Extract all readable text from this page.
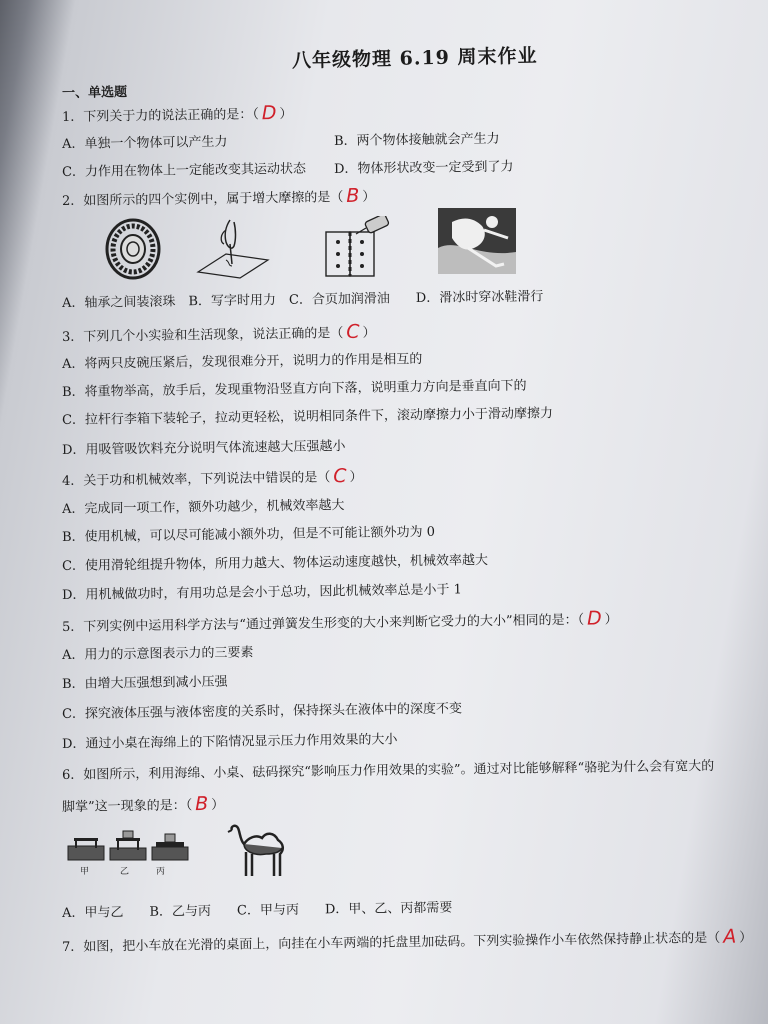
八年级物理 6.19 周末作业
一、单选题
1．下列关于力的说法正确的是：（ D ）
A．单独一个物体可以产生力	B．两个物体接触就会产生力
C．力作用在物体上一定能改变其运动状态 D．物体形状改变一定受到了力
2．如图所示的四个实例中，属于增大摩擦的是（ B ）
A．轴承之间装滚珠　B．写字时用力　C．合页加润滑油　　D．滑冰时穿冰鞋滑行
3．下列几个小实验和生活现象，说法正确的是（ C ）
A．将两只皮碗压紧后，发现很难分开，说明力的作用是相互的
B．将重物举高，放手后，发现重物沿竖直方向下落，说明重力方向是垂直向下的
C．拉杆行李箱下装轮子，拉动更轻松，说明相同条件下，滚动摩擦力小于滑动摩擦力
D．用吸管吸饮料充分说明气体流速越大压强越小
4．关于功和机械效率，下列说法中错误的是（ C ）
A．完成同一项工作，额外功越少，机械效率越大
B．使用机械，可以尽可能减小额外功，但是不可能让额外功为 0
C．使用滑轮组提升物体，所用力越大、物体运动速度越快，机械效率越大
D．用机械做功时，有用功总是会小于总功，因此机械效率总是小于 1
5．下列实例中运用科学方法与“通过弹簧发生形变的大小来判断它受力的大小”相同的是：（ D ）
A．用力的示意图表示力的三要素
B．由增大压强想到减小压强
C．探究液体压强与液体密度的关系时，保持探头在液体中的深度不变
D．通过小桌在海绵上的下陷情况显示压力作用效果的大小
6．如图所示，利用海绵、小桌、砝码探究“影响压力作用效果的实验”。通过对比能够解释“骆驼为什么会有宽大的
脚掌”这一现象的是：（ B ）
甲	乙	丙
A．甲与乙　　B．乙与丙　　C．甲与丙　　D．甲、乙、丙都需要
7．如图，把小车放在光滑的桌面上，向挂在小车两端的托盘里加砝码。下列实验操作小车依然保持静止状态的是（ A ）
